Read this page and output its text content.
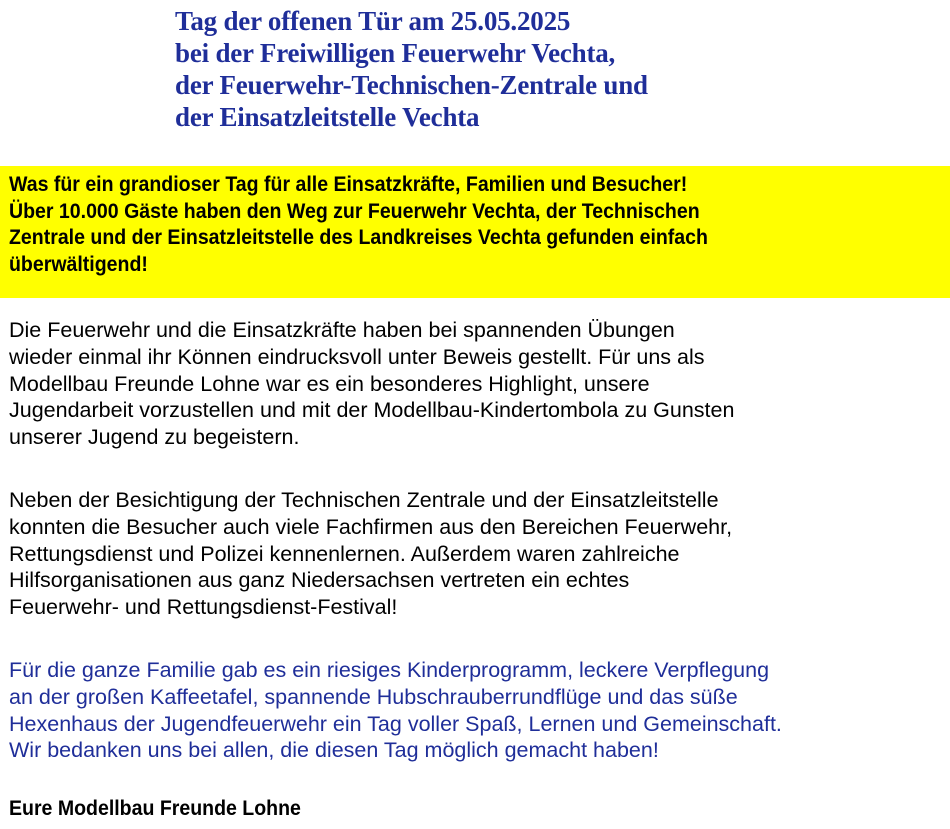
Tag der offenen Tür am 25.05.2025
bei der Freiwilligen Feuerwehr Vechta,
der Feuerwehr-Technischen-Zentrale und
der Einsatzleitstelle Vechta
Was für ein grandioser Tag für alle Einsatzkräfte, Familien und Besucher!
Über 10.000 Gäste haben den Weg zur Feuerwehr Vechta, der Technischen
Zentrale und der Einsatzleitstelle des Landkreises Vechta gefunden einfach
überwältigend!
Die Feuerwehr und die Einsatzkräfte haben bei spannenden Übungen
wieder einmal ihr Können eindrucksvoll unter Beweis gestellt. Für uns als
Modellbau Freunde Lohne war es ein besonderes Highlight, unsere
Jugendarbeit vorzustellen und mit der Modellbau-Kindertombola zu Gunsten
unserer Jugend zu begeistern.
Neben der Besichtigung der Technischen Zentrale und der Einsatzleitstelle
konnten die Besucher auch viele Fachfirmen aus den Bereichen Feuerwehr,
Rettungsdienst und Polizei kennenlernen. Außerdem waren zahlreiche
Hilfsorganisationen aus ganz Niedersachsen vertreten ein echtes
Feuerwehr- und Rettungsdienst-Festival!
Für die ganze Familie gab es ein riesiges Kinderprogramm, leckere Verpflegung
an der großen Kaffeetafel, spannende Hubschrauberrundflüge und das süße
Hexenhaus der Jugendfeuerwehr ein Tag voller Spaß, Lernen und Gemeinschaft.
Wir bedanken uns bei allen, die diesen Tag möglich gemacht haben!
Eure Modellbau Freunde Lohne
